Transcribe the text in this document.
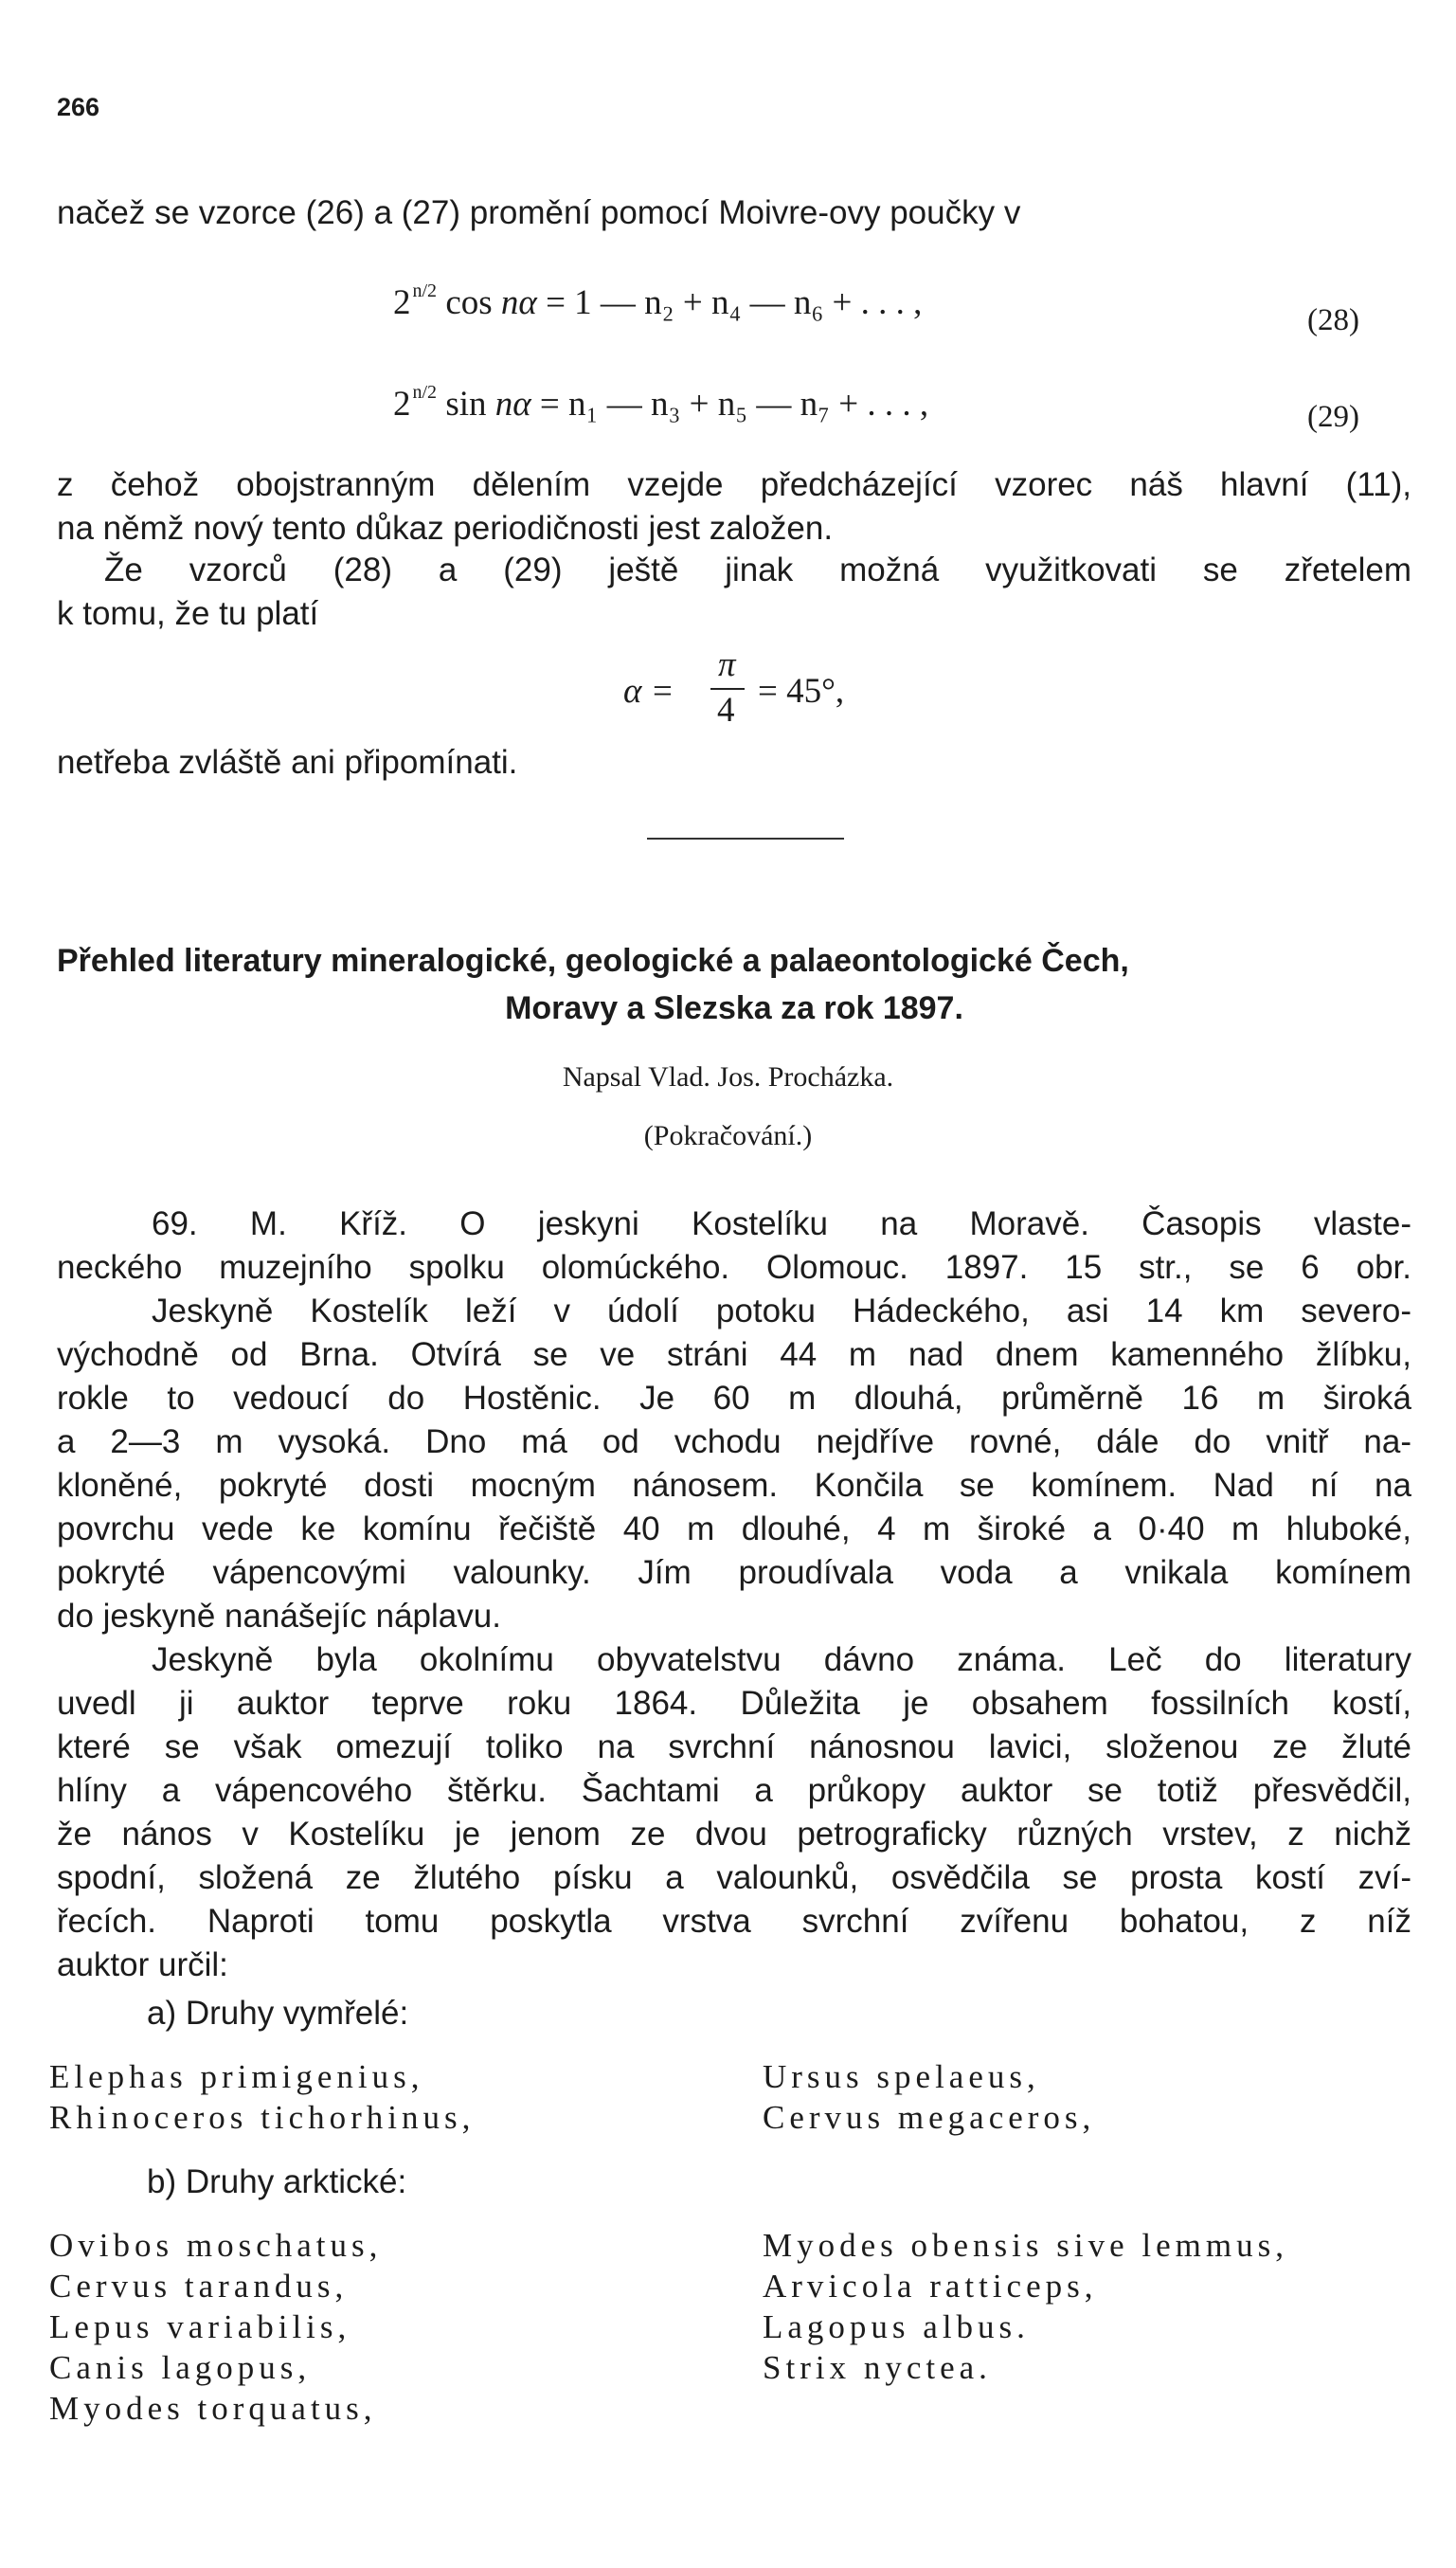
266
načež se vzorce (26) a (27) promění pomocí Moivre-ovy poučky v
2 $^{n/2}$ cos nα = 1 — n₂ + n₄ — n₆ + . . . ,	(28)
2 $^{n/2}$ sin nα = n₁ — n₃ + n₅ — n₇ + . . . ,	(29)
z čehož obojstranným dělením vzejde předcházející vzorec náš hlavní (11),
na němž nový tento důkaz periodičnosti jest založen.
Že vzorců (28) a (29) ještě jinak možná využitkovati se zřetelem
k tomu, že tu platí
α =
π
4 = 45°,
netřeba zvláště ani připomínati.
Přehled literatury mineralogické, geologické a palaeontologické Čech,
Moravy a Slezska za rok 1897.
Napsal Vlad. Jos. Procházka.
(Pokračování.)
69. M. Kříž. O jeskyni Kostelíku na Moravě. Časopis vlaste-
neckého muzejního spolku olomúckého. Olomouc. 1897. 15 str., se 6 obr.
Jeskyně Kostelík leží v údolí potoku Hádeckého, asi 14 km severo-
východně od Brna. Otvírá se ve stráni 44 m nad dnem kamenného žlíbku,
rokle to vedoucí do Hostěnic. Je 60 m dlouhá, průměrně 16 m široká
a 2—3 m vysoká. Dno má od vchodu nejdříve rovné, dále do vnitř na-
kloněné, pokryté dosti mocným nánosem. Končila se komínem. Nad ní na
povrchu vede ke komínu řečiště 40 m dlouhé, 4 m široké a 0·40 m hluboké,
pokryté vápencovými valounky. Jím proudívala voda a vnikala komínem
do jeskyně nanášejíc náplavu.
Jeskyně byla okolnímu obyvatelstvu dávno známa. Leč do literatury
uvedl ji auktor teprve roku 1864. Důležita je obsahem fossilních kostí,
které se však omezují toliko na svrchní nánosnou lavici, složenou ze žluté
hlíny a vápencového štěrku. Šachtami a průkopy auktor se totiž přesvědčil,
že nános v Kostelíku je jenom ze dvou petrograficky různých vrstev, z nichž
spodní, složená ze žlutého písku a valounků, osvědčila se prosta kostí zví-
řecích. Naproti tomu poskytla vrstva svrchní zvířenu bohatou, z níž
auktor určil:
a) Druhy vymřelé:
Elephas primigenius,
Rhinoceros tichorhinus,
Ursus spelaeus,
Cervus megaceros,
b) Druhy arktické:
Ovibos moschatus,
Cervus tarandus,
Lepus variabilis,
Canis lagopus,
Myodes torquatus,
Myodes obensis sive lemmus,
Arvicola ratticeps,
Lagopus albus.
Strix nyctea.
